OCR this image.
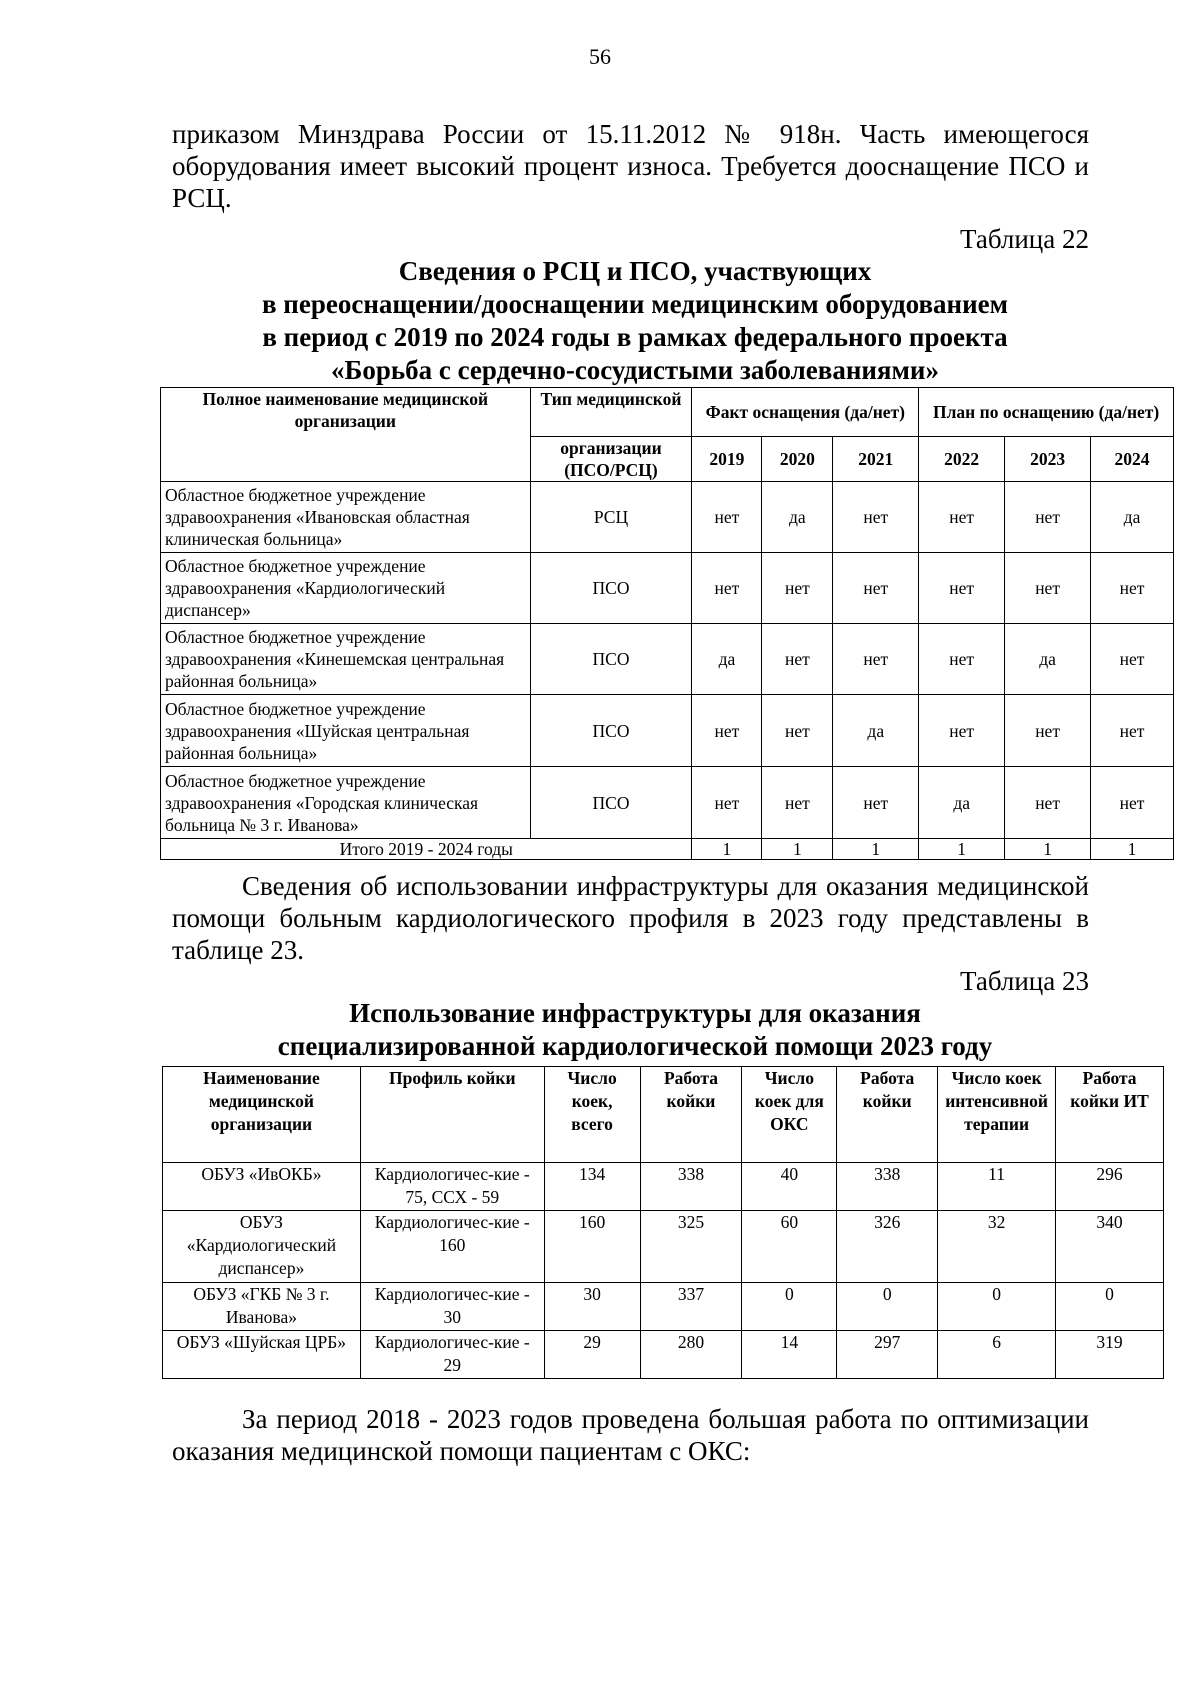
56
приказом Минздрава России от 15.11.2012 № 918н. Часть имеющегося оборудования имеет высокий процент износа. Требуется дооснащение ПСО и РСЦ.
Таблица 22
Сведения о РСЦ и ПСО, участвующих
в переоснащении/дооснащении медицинским оборудованием
в период с 2019 по 2024 годы в рамках федерального проекта
«Борьба с сердечно-сосудистыми заболеваниями»
Полное наименование медицинской организации	Тип медицинской	Факт оснащения (да/нет)			План по оснащению (да/нет)		
	организации (ПСО/РСЦ)	2019	2020	2021	2022	2023	2024
Областное бюджетное учреждение здравоохранения «Ивановская областная клиническая больница»	РСЦ	нет	да	нет	нет	нет	да
Областное бюджетное учреждение здравоохранения «Кардиологический диспансер»	ПСО	нет	нет	нет	нет	нет	нет
Областное бюджетное учреждение здравоохранения «Кинешемская центральная районная больница»	ПСО	да	нет	нет	нет	да	нет
Областное бюджетное учреждение здравоохранения «Шуйская центральная районная больница»	ПСО	нет	нет	да	нет	нет	нет
Областное бюджетное учреждение здравоохранения «Городская клиническая больница № 3 г. Иванова»	ПСО	нет	нет	нет	да	нет	нет
Итого 2019 - 2024 годы		1	1	1	1	1	1
Сведения об использовании инфраструктуры для оказания медицинской помощи больным кардиологического профиля в 2023 году представлены в таблице 23.
Таблица 23
Использование инфраструктуры для оказания
специализированной кардиологической помощи 2023 году
Наименование медицинской организации	Профиль койки	Число коек, всего	Работа койки	Число коек для ОКС	Работа койки	Число коек интенсивной терапии	Работа койки ИТ
ОБУЗ «ИвОКБ»	Кардиологичес-кие - 75, ССХ - 59	134	338	40	338	11	296
ОБУЗ «Кардиологический диспансер»	Кардиологичес-кие - 160	160	325	60	326	32	340
ОБУЗ «ГКБ № 3 г. Иванова»	Кардиологичес-кие - 30	30	337	0	0	0	0
ОБУЗ «Шуйская ЦРБ»	Кардиологичес-кие - 29	29	280	14	297	6	319
За период 2018 - 2023 годов проведена большая работа по оптимизации оказания медицинской помощи пациентам с ОКС:
